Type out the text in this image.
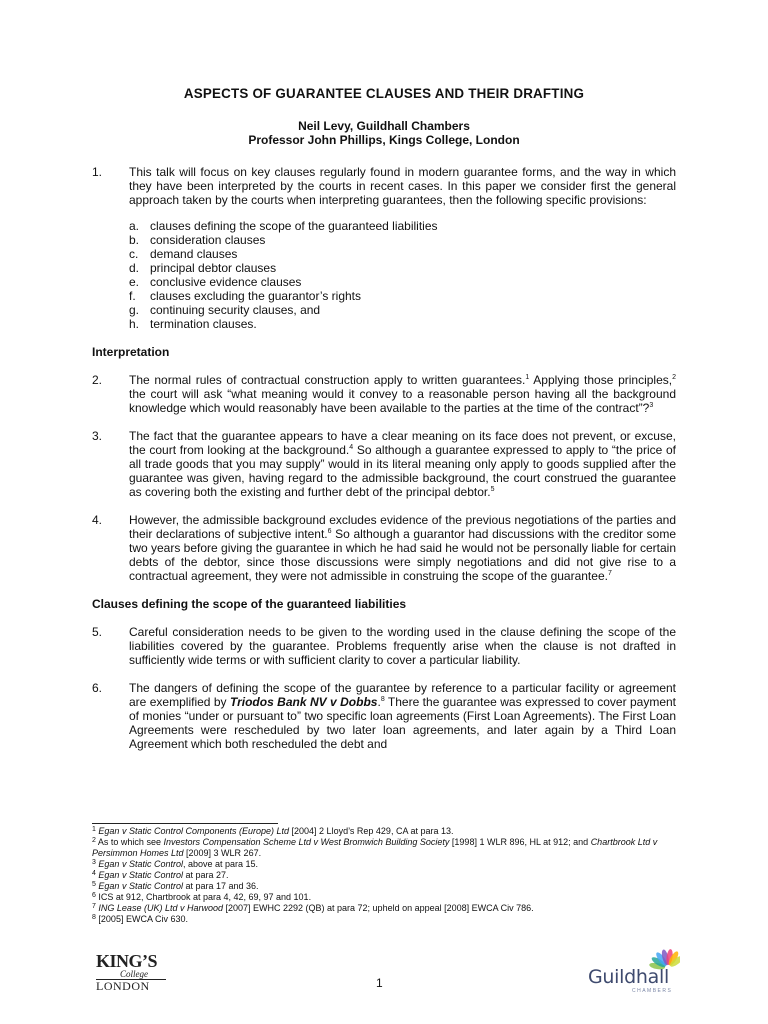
ASPECTS OF GUARANTEE CLAUSES AND THEIR DRAFTING
Neil Levy, Guildhall Chambers
Professor John Phillips, Kings College, London
1.	This talk will focus on key clauses regularly found in modern guarantee forms, and the way in which they have been interpreted by the courts in recent cases. In this paper we consider first the general approach taken by the courts when interpreting guarantees, then the following specific provisions:
a. clauses defining the scope of the guaranteed liabilities
b. consideration clauses
c. demand clauses
d. principal debtor clauses
e. conclusive evidence clauses
f.	clauses excluding the guarantor’s rights
g. continuing security clauses, and
h. termination clauses.
Interpretation
2.	The normal rules of contractual construction apply to written guarantees.$^1$ Applying those principles,$^2$ the court will ask “what meaning would it convey to a reasonable person having all the background knowledge which would reasonably have been available to the parties at the time of the contract”?$^3$
3.	The fact that the guarantee appears to have a clear meaning on its face does not prevent, or excuse, the court from looking at the background.$^4$ So although a guarantee expressed to apply to “the price of all trade goods that you may supply” would in its literal meaning only apply to goods supplied after the guarantee was given, having regard to the admissible background, the court construed the guarantee as covering both the existing and further debt of the principal debtor.$^5$
4.	However, the admissible background excludes evidence of the previous negotiations of the parties and their declarations of subjective intent.$^6$ So although a guarantor had discussions with the creditor some two years before giving the guarantee in which he had said he would not be personally liable for certain debts of the debtor, since those discussions were simply negotiations and did not give rise to a contractual agreement, they were not admissible in construing the scope of the guarantee.$^7$
Clauses defining the scope of the guaranteed liabilities
5.	Careful consideration needs to be given to the wording used in the clause defining the scope of the liabilities covered by the guarantee. Problems frequently arise when the clause is not drafted in sufficiently wide terms or with sufficient clarity to cover a particular liability.
6.	The dangers of defining the scope of the guarantee by reference to a particular facility or agreement are exemplified by Triodos Bank NV v Dobbs.$^8$ There the guarantee was expressed to cover payment of monies “under or pursuant to” two specific loan agreements (First Loan Agreements). The First Loan Agreements were rescheduled by two later loan agreements, and later again by a Third Loan Agreement which both rescheduled the debt and

$^1$ Egan v Static Control Components (Europe) Ltd [2004] 2 Lloyd’s Rep 429, CA at para 13.

$^2$ As to which see Investors Compensation Scheme Ltd v West Bromwich Building Society [1998] 1 WLR 896, HL at 912; and Chartbrook Ltd v Persimmon Homes Ltd [2009] 3 WLR 267.

$^3$ Egan v Static Control, above at para 15.

$^4$ Egan v Static Control at para 27.

$^5$ Egan v Static Control at para 17 and 36.

$^6$ ICS at 912, Chartbrook at para 4, 42, 69, 97 and 101.

$^7$ ING Lease (UK) Ltd v Harwood [2007] EWHC 2292 (QB) at para 72; upheld on appeal [2008] EWCA Civ 786.

$^8$ [2005] EWCA Civ 630.

KING’S
College
LONDON	1	Guildhall
CHAMBERS
